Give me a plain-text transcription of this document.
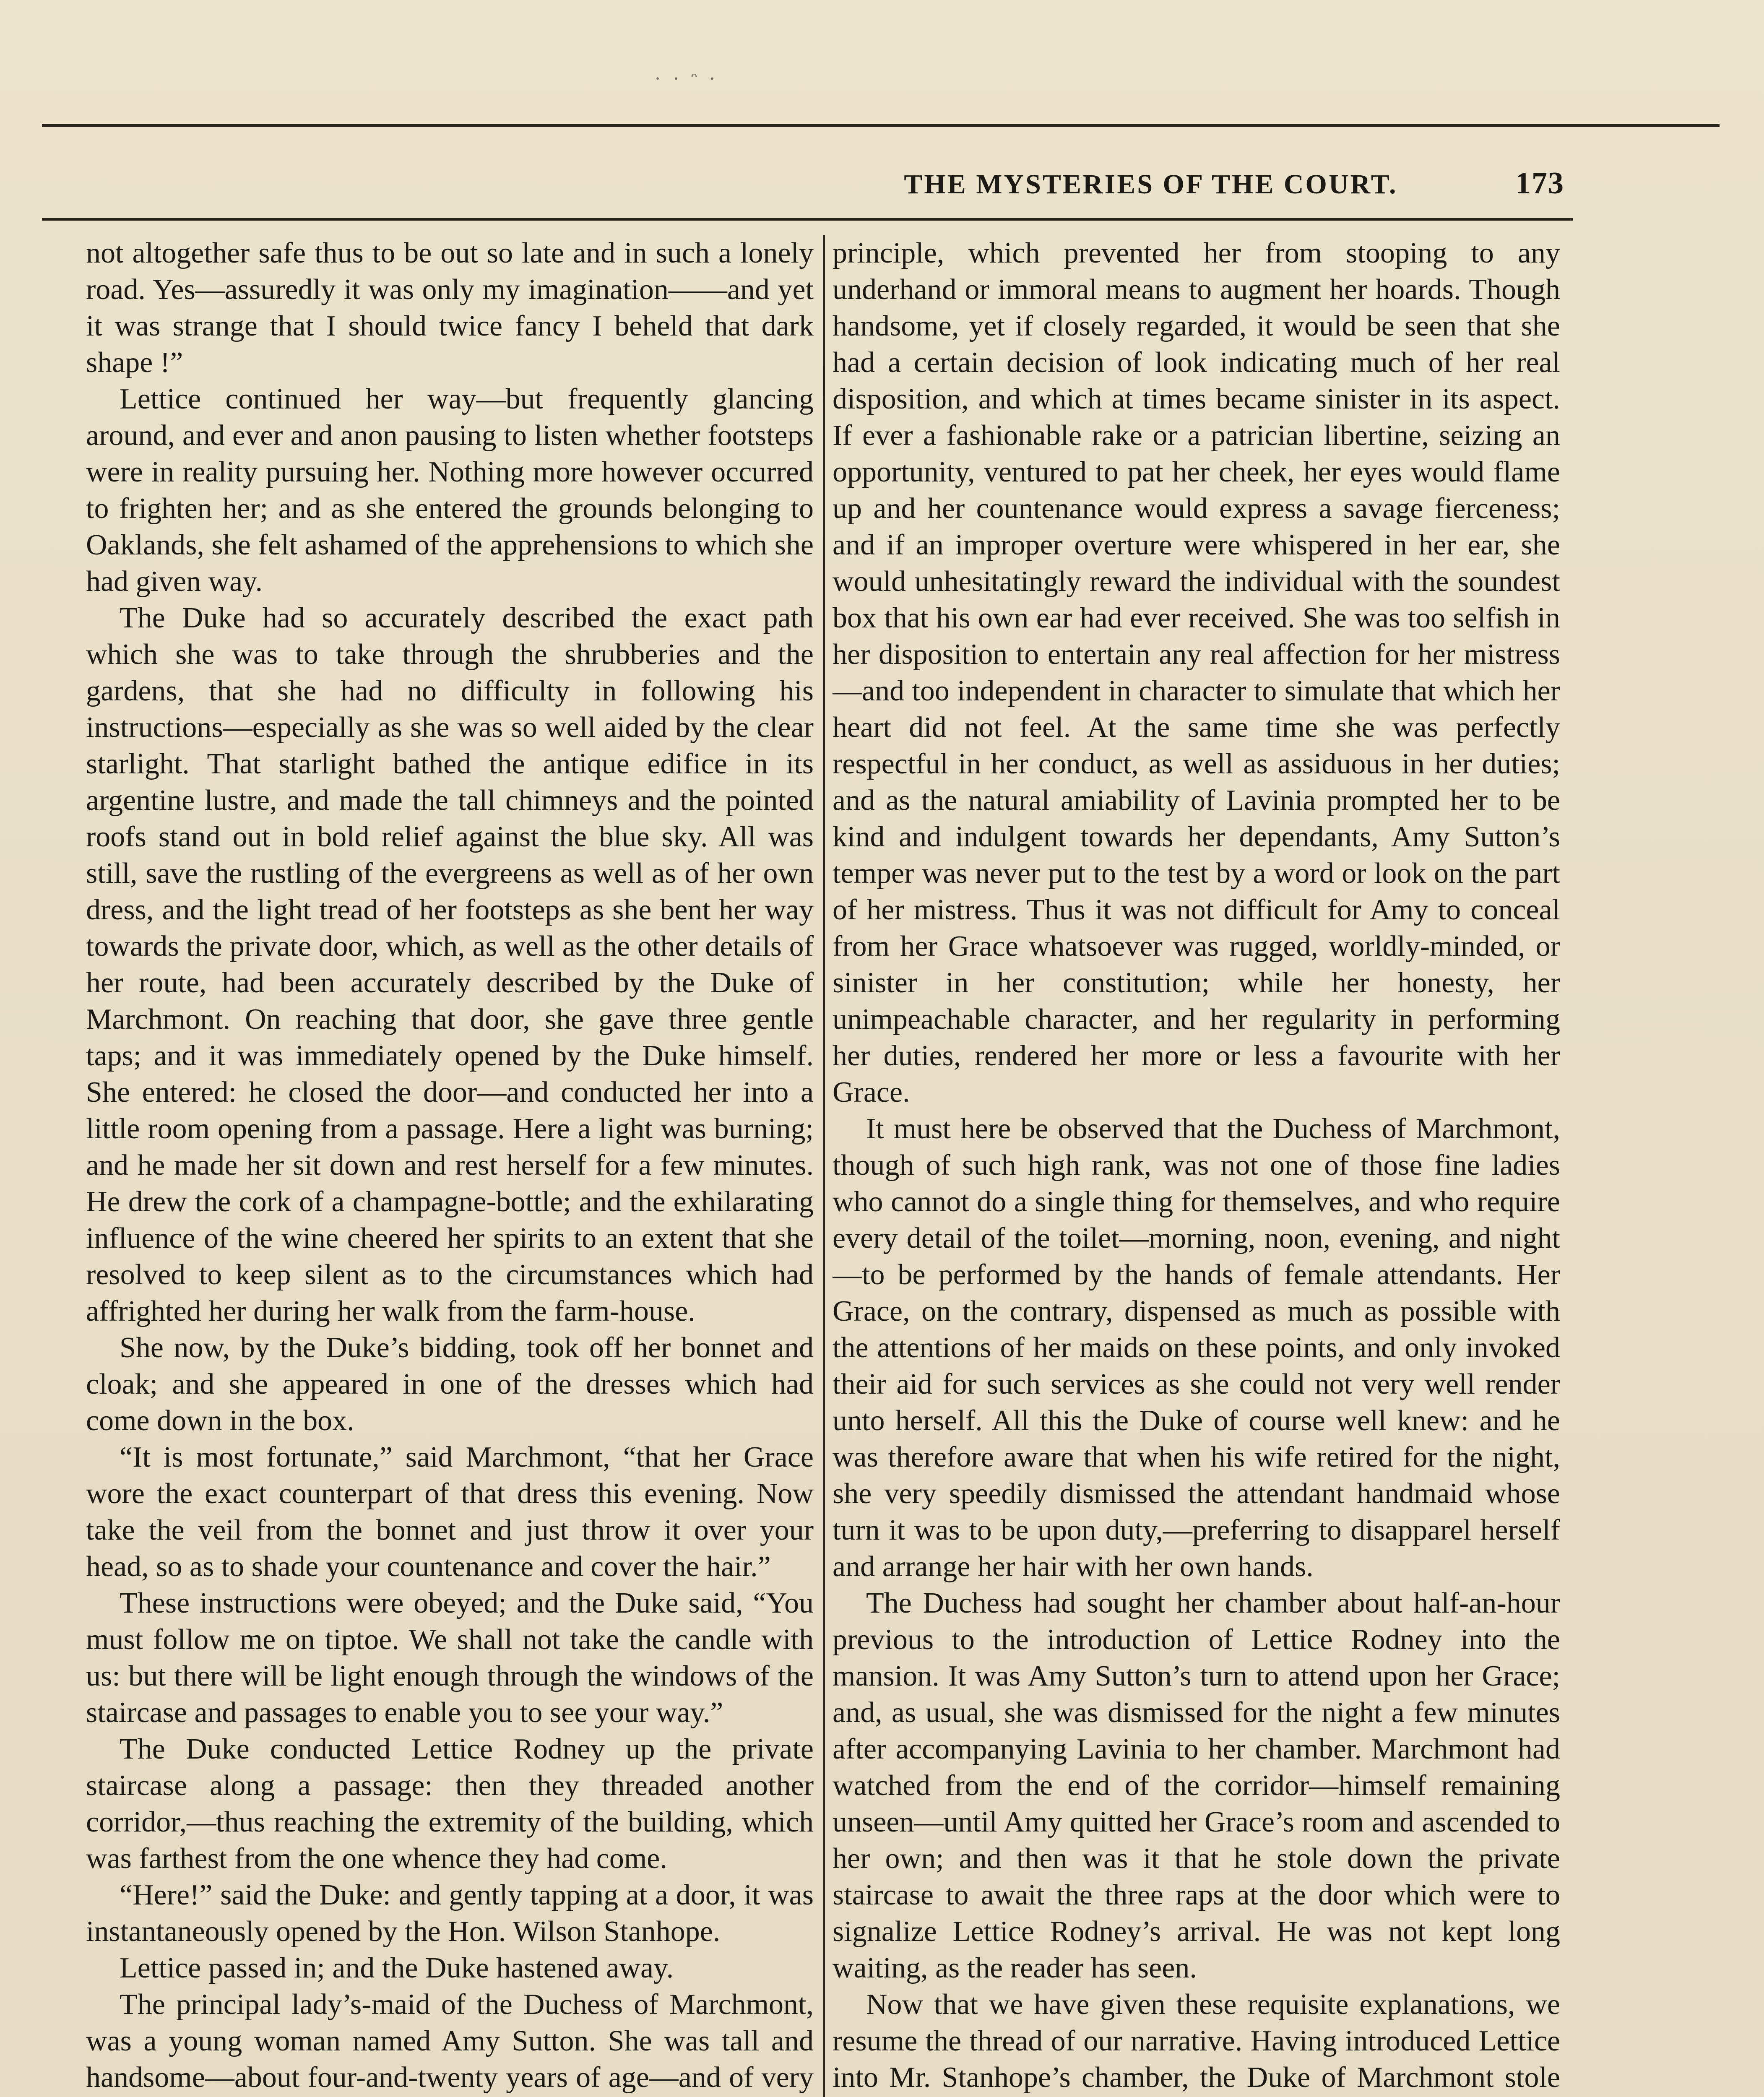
· · ᵔ ·
THE MYSTERIES OF THE COURT.	173

not altogether safe thus to be out so late and in such a lonely road. Yes—assuredly it was only my imagination——and yet it was strange that I should twice fancy I beheld that dark shape !”

Lettice continued her way—but frequently glancing around, and ever and anon pausing to listen whether footsteps were in reality pursuing her. Nothing more however occurred to frighten her; and as she entered the grounds belonging to Oaklands, she felt ashamed of the apprehensions to which she had given way.

The Duke had so accurately described the exact path which she was to take through the shrubberies and the gardens, that she had no difficulty in following his instructions—especially as she was so well aided by the clear starlight. That starlight bathed the antique edifice in its argentine lustre, and made the tall chimneys and the pointed roofs stand out in bold relief against the blue sky. All was still, save the rustling of the evergreens as well as of her own dress, and the light tread of her footsteps as she bent her way towards the private door, which, as well as the other details of her route, had been accurately described by the Duke of Marchmont. On reaching that door, she gave three gentle taps; and it was immediately opened by the Duke himself. She entered: he closed the door—and conducted her into a little room opening from a passage. Here a light was burning; and he made her sit down and rest herself for a few minutes. He drew the cork of a champagne-bottle; and the exhilarating influence of the wine cheered her spirits to an extent that she resolved to keep silent as to the circumstances which had affrighted her during her walk from the farm-house.

She now, by the Duke’s bidding, took off her bonnet and cloak; and she appeared in one of the dresses which had come down in the box.

“It is most fortunate,” said Marchmont, “that her Grace wore the exact counterpart of that dress this evening. Now take the veil from the bonnet and just throw it over your head, so as to shade your countenance and cover the hair.”

These instructions were obeyed; and the Duke said, “You must follow me on tiptoe. We shall not take the candle with us: but there will be light enough through the windows of the staircase and passages to enable you to see your way.”

The Duke conducted Lettice Rodney up the private staircase along a passage: then they threaded another corridor,—thus reaching the extremity of the building, which was farthest from the one whence they had come.

“Here!” said the Duke: and gently tapping at a door, it was instantaneously opened by the Hon. Wilson Stanhope.

Lettice passed in; and the Duke hastened away.

The principal lady’s-maid of the Duchess of Marchmont, was a young woman named Amy Sutton. She was tall and handsome—about four-and-twenty years of age—and of very

principle, which prevented her from stooping to any underhand or immoral means to augment her hoards. Though handsome, yet if closely regarded, it would be seen that she had a certain decision of look indicating much of her real disposition, and which at times became sinister in its aspect. If ever a fashionable rake or a patrician libertine, seizing an opportunity, ventured to pat her cheek, her eyes would flame up and her countenance would express a savage fierceness; and if an improper overture were whispered in her ear, she would unhesitatingly reward the individual with the soundest box that his own ear had ever received. She was too selfish in her disposition to entertain any real affection for her mistress—and too independent in character to simulate that which her heart did not feel. At the same time she was perfectly respectful in her conduct, as well as assiduous in her duties; and as the natural amiability of Lavinia prompted her to be kind and indulgent towards her dependants, Amy Sutton’s temper was never put to the test by a word or look on the part of her mistress. Thus it was not difficult for Amy to conceal from her Grace whatsoever was rugged, worldly-minded, or sinister in her constitution; while her honesty, her unimpeachable character, and her regularity in performing her duties, rendered her more or less a favourite with her Grace.

It must here be observed that the Duchess of Marchmont, though of such high rank, was not one of those fine ladies who cannot do a single thing for themselves, and who require every detail of the toilet—morning, noon, evening, and night—to be performed by the hands of female attendants. Her Grace, on the contrary, dispensed as much as possible with the attentions of her maids on these points, and only invoked their aid for such services as she could not very well render unto herself. All this the Duke of course well knew: and he was therefore aware that when his wife retired for the night, she very speedily dismissed the attendant handmaid whose turn it was to be upon duty,—preferring to disapparel herself and arrange her hair with her own hands.

The Duchess had sought her chamber about half-an-hour previous to the introduction of Lettice Rodney into the mansion. It was Amy Sutton’s turn to attend upon her Grace; and, as usual, she was dismissed for the night a few minutes after accompanying Lavinia to her chamber. Marchmont had watched from the end of the corridor—himself remaining unseen—until Amy quitted her Grace’s room and ascended to her own; and then was it that he stole down the private staircase to await the three raps at the door which were to signalize Lettice Rodney’s arrival. He was not kept long waiting, as the reader has seen.

Now that we have given these requisite explanations, we resume the thread of our narrative. Having introduced Lettice into Mr. Stanhope’s chamber, the Duke of Marchmont stole
